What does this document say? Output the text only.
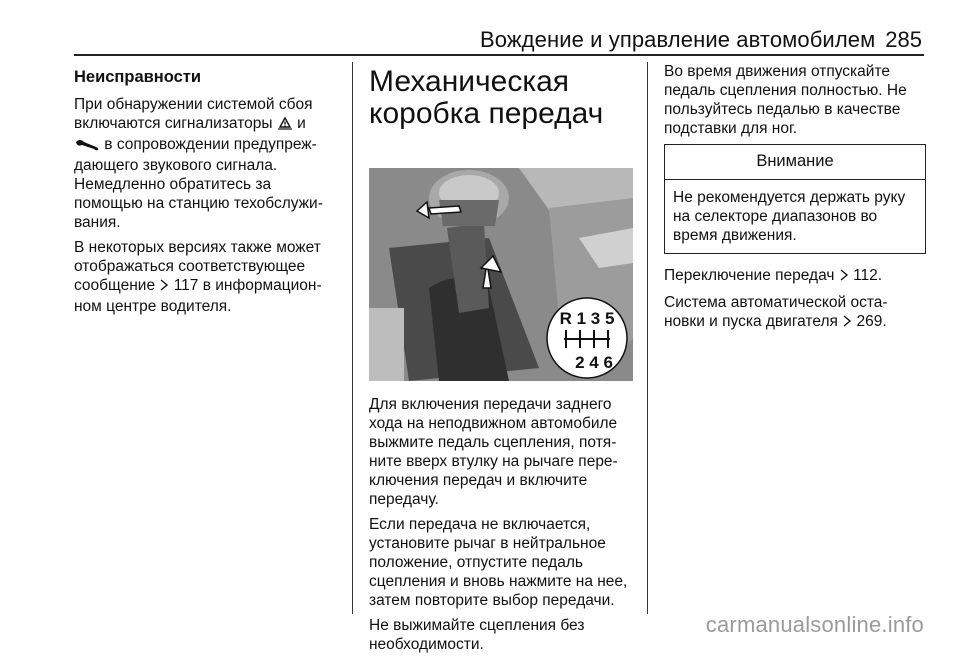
Вождение и управление автомобилем 285
Неисправности

При обнаружении системой сбоя включаются сигнализаторы  и  в сопровождении предупреж-дающего звукового сигнала. Немедленно обратитесь за помощью на станцию техобслужи-вания.

В некоторых версиях также может отображаться соответствующее сообщение  117 в информацион-ном центре водителя.

Механическая
коробка передач
R 1 3 5
2 4 6

Для включения передачи заднего хода на неподвижном автомобиле выжмите педаль сцепления, потя-ните вверх втулку на рычаге пере-ключения передач и включите передачу.

Если передача не включается, установите рычаг в нейтральное положение, отпустите педаль сцепления и вновь нажмите на нее, затем повторите выбор передачи.

Не выжимайте сцепления без необходимости.

Во время движения отпускайте педаль сцепления полностью. Не пользуйтесь педалью в качестве подставки для ног.

Внимание
Не рекомендуется держать руку на селекторе диапазонов во время движения.

Переключение передач  112.

Система автоматической оста-новки и пуска двигателя  269.

carmanualsonline.info
